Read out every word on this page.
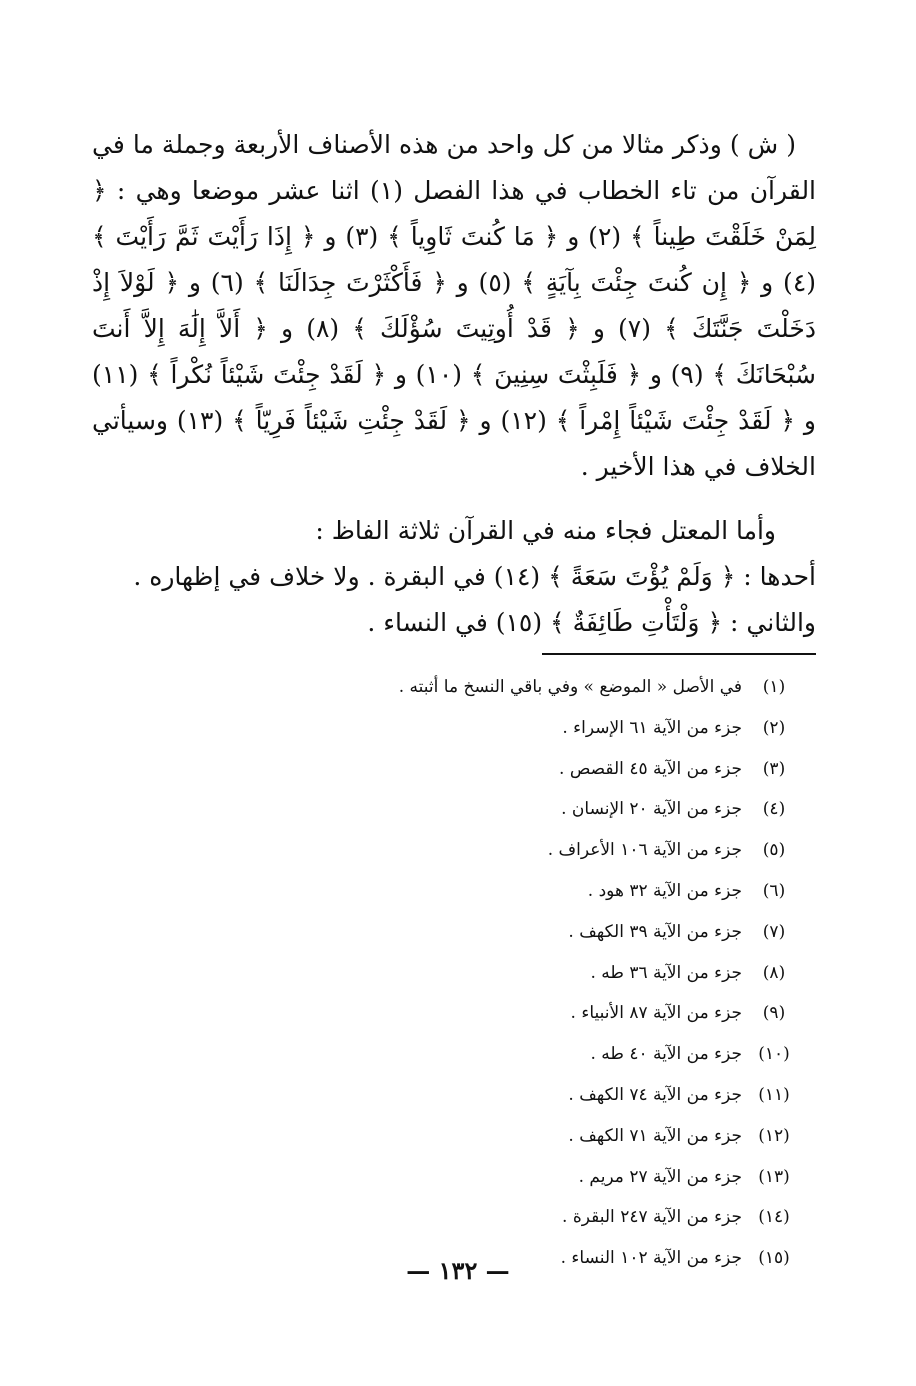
( ش ) وذكر مثالا من كل واحد من هذه الأصناف الأربعة وجملة ما في القرآن من تاء الخطاب في هذا الفصل (١) اثنا عشر موضعا وهي : ﴿ لِمَنْ خَلَقْتَ طِيناً ﴾ (٢) و ﴿ مَا كُنتَ ثَاوِياً ﴾ (٣) و ﴿ إِذَا رَأَيْتَ ثَمَّ رَأَيْتَ ﴾ (٤) و ﴿ إِن كُنتَ جِئْتَ بِآيَةٍ ﴾ (٥) و ﴿ فَأَكْثَرْتَ جِدَالَنَا ﴾ (٦) و ﴿ لَوْلاَ إِذْ دَخَلْتَ جَنَّتَكَ ﴾ (٧) و ﴿ قَدْ أُوتِيتَ سُؤْلَكَ ﴾ (٨) و ﴿ أَلاَّ إِلَٰهَ إِلاَّ أَنتَ سُبْحَانَكَ ﴾ (٩) و ﴿ فَلَبِثْتَ سِنِينَ ﴾ (١٠) و ﴿ لَقَدْ جِئْتَ شَيْئاً نُكْراً ﴾ (١١) و ﴿ لَقَدْ جِئْتَ شَيْئاً إِمْراً ﴾ (١٢) و ﴿ لَقَدْ جِئْتِ شَيْئاً فَرِيّاً ﴾ (١٣) وسيأتي الخلاف في هذا الأخير .

وأما المعتل فجاء منه في القرآن ثلاثة الفاظ :

أحدها : ﴿ وَلَمْ يُؤْتَ سَعَةً ﴾ (١٤) في البقرة . ولا خلاف في إظهاره .

والثاني : ﴿ وَلْتَأْتِ طَائِفَةٌ ﴾ (١٥) في النساء .

(١)
في الأصل « الموضع » وفي باقي النسخ ما أثبته .
(٢)
جزء من الآية ٦١ الإسراء .
(٣)
جزء من الآية ٤٥ القصص .
(٤)
جزء من الآية ٢٠ الإنسان .
(٥)
جزء من الآية ١٠٦ الأعراف .
(٦)
جزء من الآية ٣٢ هود .
(٧)
جزء من الآية ٣٩ الكهف .
(٨)
جزء من الآية ٣٦ طه .
(٩)
جزء من الآية ٨٧ الأنبياء .
(١٠)
جزء من الآية ٤٠ طه .
(١١)
جزء من الآية ٧٤ الكهف .
(١٢)
جزء من الآية ٧١ الكهف .
(١٣)
جزء من الآية ٢٧ مريم .
(١٤)
جزء من الآية ٢٤٧ البقرة .
(١٥)
جزء من الآية ١٠٢ النساء .
— ١٣٢ —
